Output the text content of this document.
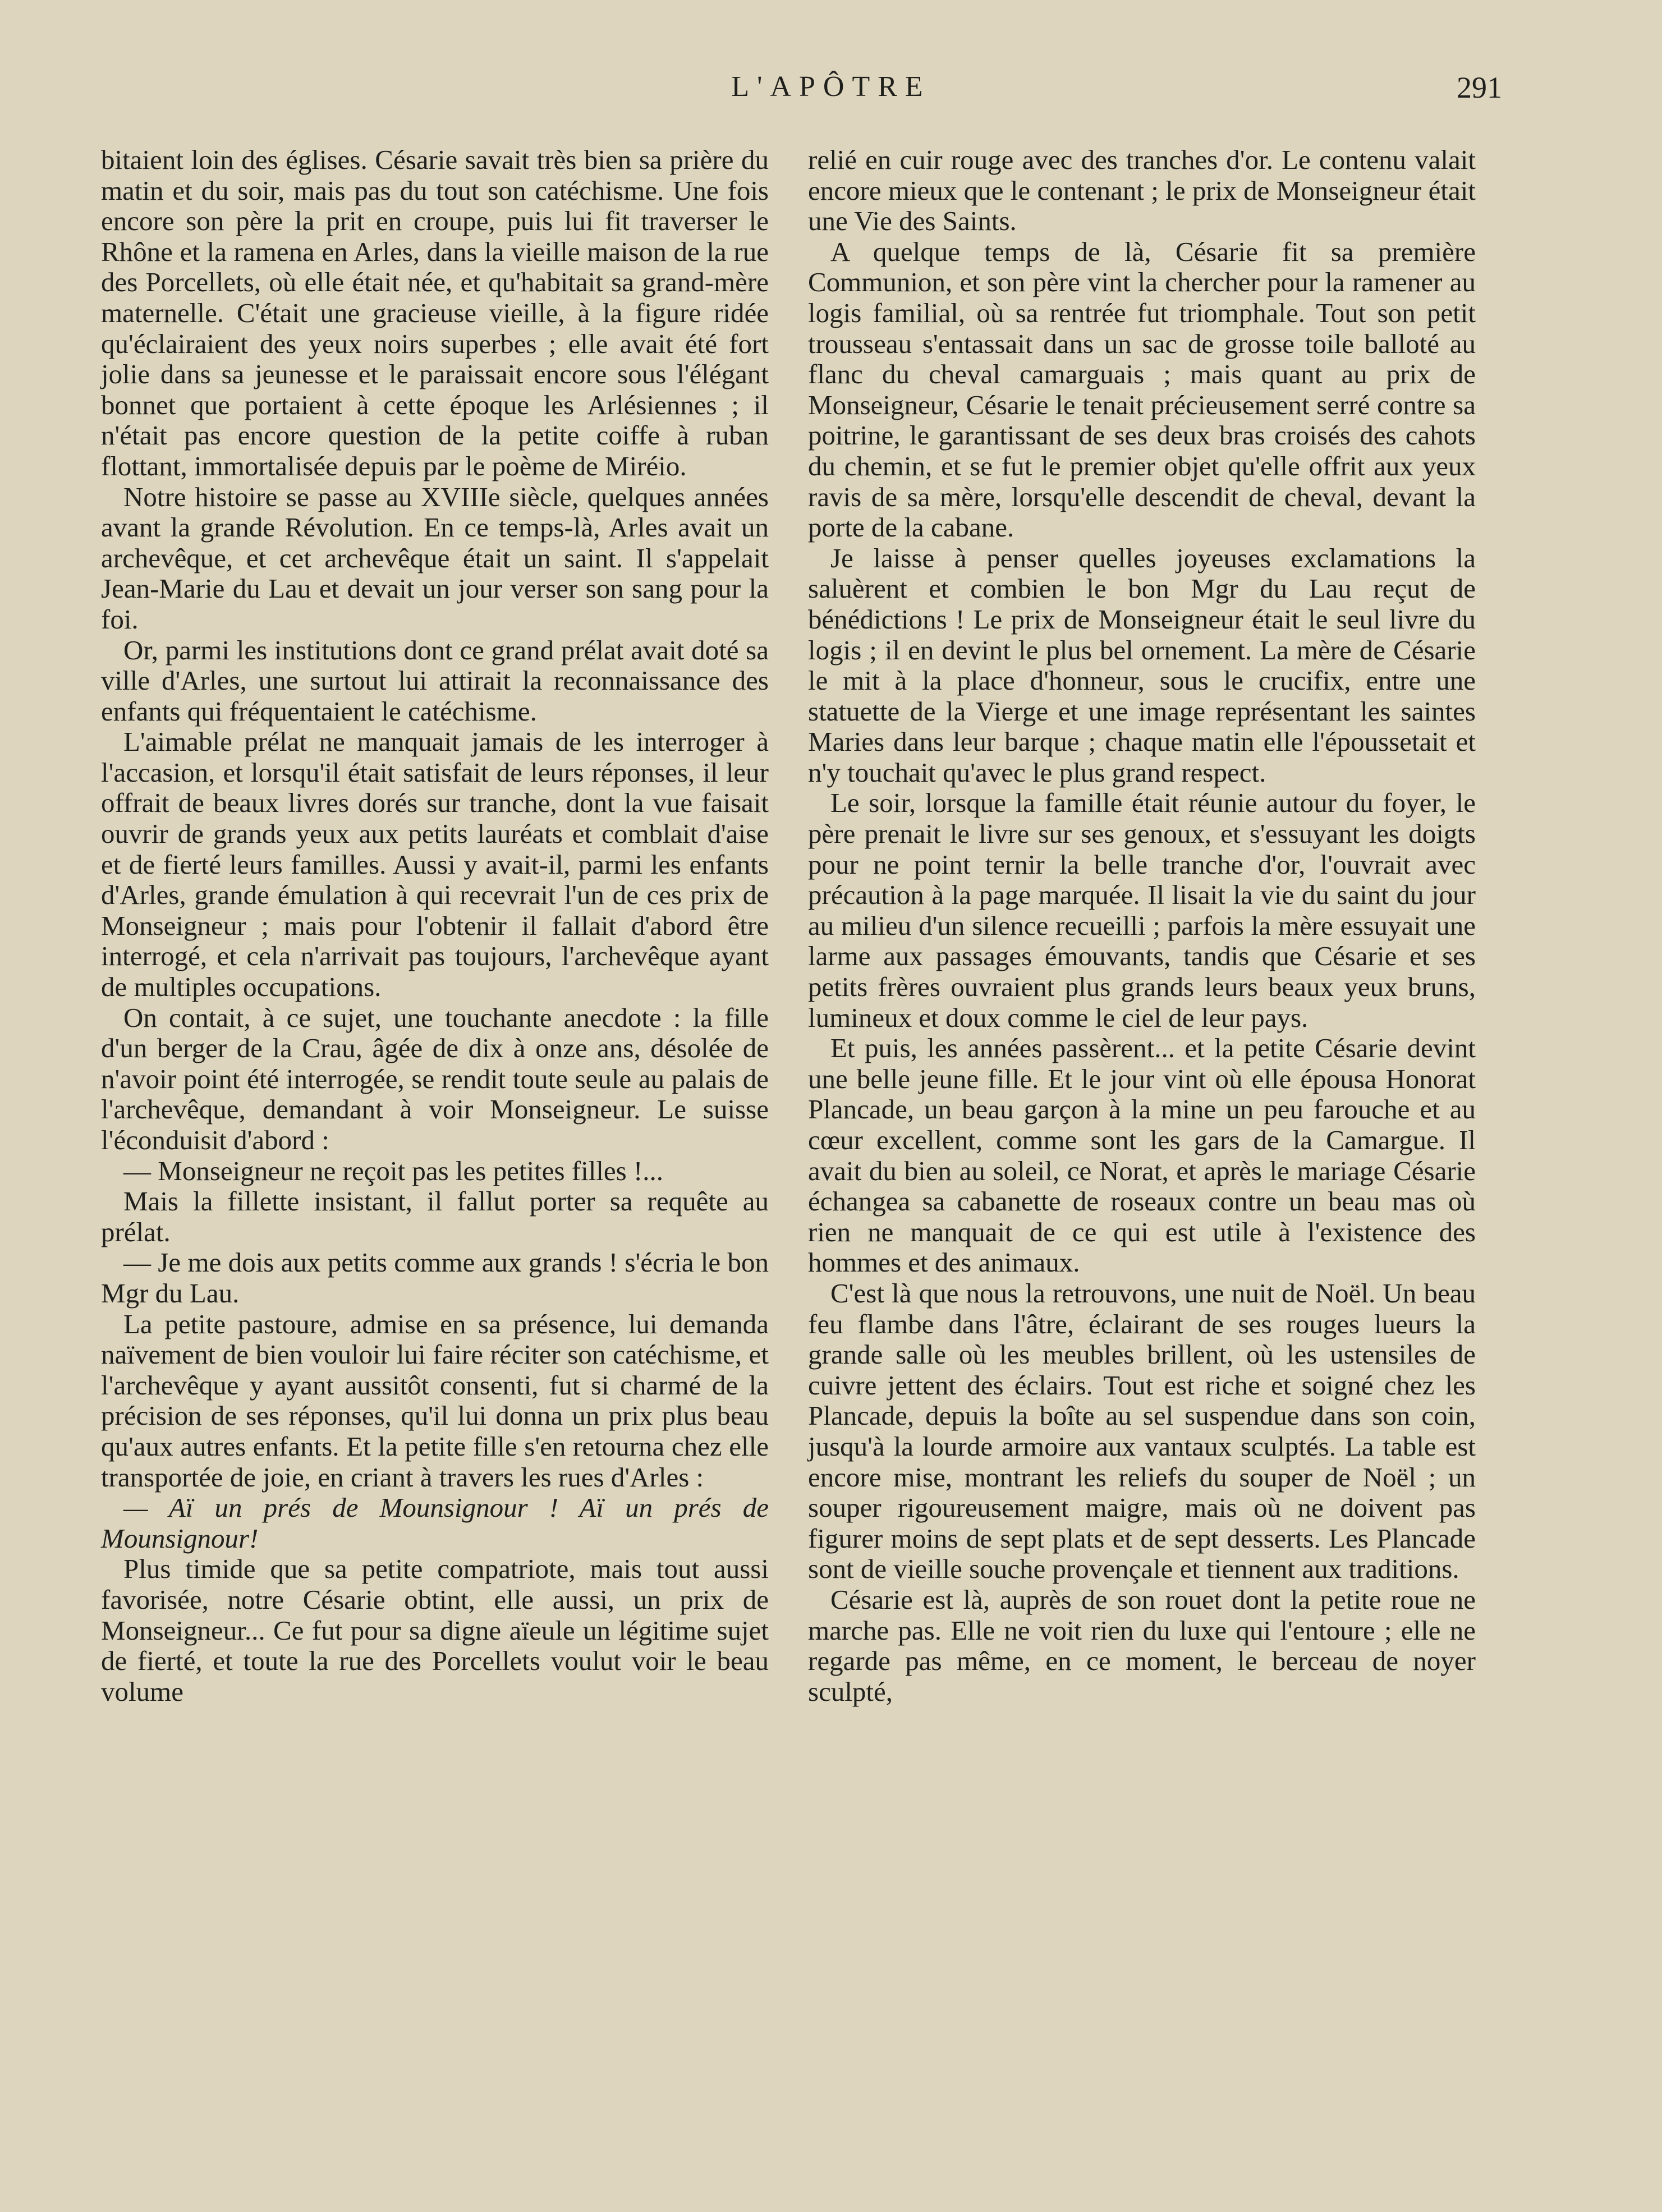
L'APÔTRE	291

bitaient loin des églises. Césarie savait très bien sa prière du matin et du soir, mais pas du tout son catéchisme. Une fois encore son père la prit en croupe, puis lui fit traverser le Rhône et la ramena en Arles, dans la vieille maison de la rue des Porcellets, où elle était née, et qu'habitait sa grand-mère maternelle. C'était une gracieuse vieille, à la figure ridée qu'éclairaient des yeux noirs superbes ; elle avait été fort jolie dans sa jeunesse et le paraissait encore sous l'élégant bonnet que portaient à cette époque les Arlésiennes ; il n'était pas encore question de la petite coiffe à ruban flottant, immortalisée depuis par le poème de Miréio.

Notre histoire se passe au XVIIIe siècle, quelques années avant la grande Révolution. En ce temps-là, Arles avait un archevêque, et cet archevêque était un saint. Il s'appelait Jean-Marie du Lau et devait un jour verser son sang pour la foi.

Or, parmi les institutions dont ce grand prélat avait doté sa ville d'Arles, une surtout lui attirait la reconnaissance des enfants qui fréquentaient le catéchisme.

L'aimable prélat ne manquait jamais de les interroger à l'accasion, et lorsqu'il était satisfait de leurs réponses, il leur offrait de beaux livres dorés sur tranche, dont la vue faisait ouvrir de grands yeux aux petits lauréats et comblait d'aise et de fierté leurs familles. Aussi y avait-il, parmi les enfants d'Arles, grande émulation à qui recevrait l'un de ces prix de Monseigneur ; mais pour l'obtenir il fallait d'abord être interrogé, et cela n'arrivait pas toujours, l'archevêque ayant de multiples occupations.

On contait, à ce sujet, une touchante anecdote : la fille d'un berger de la Crau, âgée de dix à onze ans, désolée de n'avoir point été interrogée, se rendit toute seule au palais de l'archevêque, demandant à voir Monseigneur. Le suisse l'éconduisit d'abord :

— Monseigneur ne reçoit pas les petites filles !...

Mais la fillette insistant, il fallut porter sa requête au prélat.

— Je me dois aux petits comme aux grands ! s'écria le bon Mgr du Lau.

La petite pastoure, admise en sa présence, lui demanda naïvement de bien vouloir lui faire réciter son catéchisme, et l'archevêque y ayant aussitôt consenti, fut si charmé de la précision de ses réponses, qu'il lui donna un prix plus beau qu'aux autres enfants. Et la petite fille s'en retourna chez elle transportée de joie, en criant à travers les rues d'Arles :

— Aï un prés de Mounsignour ! Aï un prés de Mounsignour!

Plus timide que sa petite compatriote, mais tout aussi favorisée, notre Césarie obtint, elle aussi, un prix de Monseigneur... Ce fut pour sa digne aïeule un légitime sujet de fierté, et toute la rue des Porcellets voulut voir le beau volume

relié en cuir rouge avec des tranches d'or. Le contenu valait encore mieux que le contenant ; le prix de Monseigneur était une Vie des Saints.

A quelque temps de là, Césarie fit sa première Communion, et son père vint la chercher pour la ramener au logis familial, où sa rentrée fut triomphale. Tout son petit trousseau s'entassait dans un sac de grosse toile balloté au flanc du cheval camarguais ; mais quant au prix de Monseigneur, Césarie le tenait précieusement serré contre sa poitrine, le garantissant de ses deux bras croisés des cahots du chemin, et se fut le premier objet qu'elle offrit aux yeux ravis de sa mère, lorsqu'elle descendit de cheval, devant la porte de la cabane.

Je laisse à penser quelles joyeuses exclamations la saluèrent et combien le bon Mgr du Lau reçut de bénédictions ! Le prix de Monseigneur était le seul livre du logis ; il en devint le plus bel ornement. La mère de Césarie le mit à la place d'honneur, sous le crucifix, entre une statuette de la Vierge et une image représentant les saintes Maries dans leur barque ; chaque matin elle l'époussetait et n'y touchait qu'avec le plus grand respect.

Le soir, lorsque la famille était réunie autour du foyer, le père prenait le livre sur ses genoux, et s'essuyant les doigts pour ne point ternir la belle tranche d'or, l'ouvrait avec précaution à la page marquée. Il lisait la vie du saint du jour au milieu d'un silence recueilli ; parfois la mère essuyait une larme aux passages émouvants, tandis que Césarie et ses petits frères ouvraient plus grands leurs beaux yeux bruns, lumineux et doux comme le ciel de leur pays.

Et puis, les années passèrent... et la petite Césarie devint une belle jeune fille. Et le jour vint où elle épousa Honorat Plancade, un beau garçon à la mine un peu farouche et au cœur excellent, comme sont les gars de la Camargue. Il avait du bien au soleil, ce Norat, et après le mariage Césarie échangea sa cabanette de roseaux contre un beau mas où rien ne manquait de ce qui est utile à l'existence des hommes et des animaux.

C'est là que nous la retrouvons, une nuit de Noël. Un beau feu flambe dans l'âtre, éclairant de ses rouges lueurs la grande salle où les meubles brillent, où les ustensiles de cuivre jettent des éclairs. Tout est riche et soigné chez les Plancade, depuis la boîte au sel suspendue dans son coin, jusqu'à la lourde armoire aux vantaux sculptés. La table est encore mise, montrant les reliefs du souper de Noël ; un souper rigoureusement maigre, mais où ne doivent pas figurer moins de sept plats et de sept desserts. Les Plancade sont de vieille souche provençale et tiennent aux traditions.

Césarie est là, auprès de son rouet dont la petite roue ne marche pas. Elle ne voit rien du luxe qui l'entoure ; elle ne regarde pas même, en ce moment, le berceau de noyer sculpté,
